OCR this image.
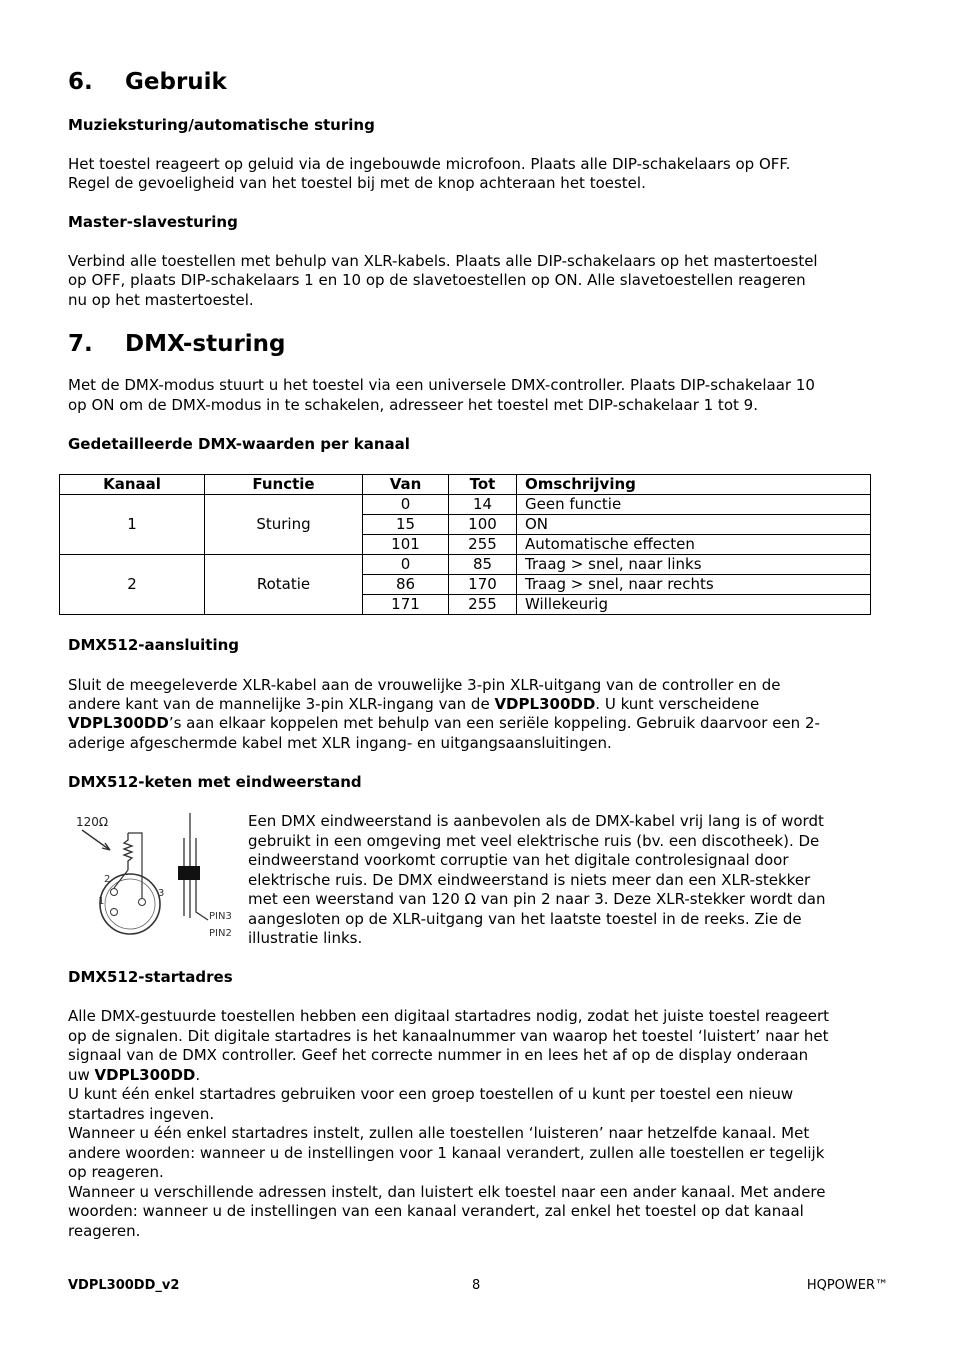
6. Gebruik
Muzieksturing/automatische sturing

Het toestel reageert op geluid via de ingebouwde microfoon. Plaats alle DIP-schakelaars op OFF.

Regel de gevoeligheid van het toestel bij met de knop achteraan het toestel.

Master-slavesturing

Verbind alle toestellen met behulp van XLR-kabels. Plaats alle DIP-schakelaars op het mastertoestel

op OFF, plaats DIP-schakelaars 1 en 10 op de slavetoestellen op ON. Alle slavetoestellen reageren

nu op het mastertoestel.

7. DMX-sturing

Met de DMX-modus stuurt u het toestel via een universele DMX-controller. Plaats DIP-schakelaar 10

op ON om de DMX-modus in te schakelen, adresseer het toestel met DIP-schakelaar 1 tot 9.

Gedetailleerde DMX-waarden per kanaal
Kanaal	Functie	Van	Tot	Omschrijving
1	Sturing	0	14	Geen functie
		15	100	ON
		101	255	Automatische effecten
2	Rotatie	0	85	Traag > snel, naar links
		86	170	Traag > snel, naar rechts
		171	255	Willekeurig
DMX512-aansluiting

Sluit de meegeleverde XLR-kabel aan de vrouwelijke 3-pin XLR-uitgang van de controller en de

andere kant van de mannelijke 3-pin XLR-ingang van de VDPL300DD. U kunt verscheidene

VDPL300DD’s aan elkaar koppelen met behulp van een seriële koppeling. Gebruik daarvoor een 2-

aderige afgeschermde kabel met XLR ingang- en uitgangsaansluitingen.

DMX512-keten met eindweerstand
120Ω
2
1
3
PIN3
PIN2
Een DMX eindweerstand is aanbevolen als de DMX-kabel vrij lang is of wordt
gebruikt in een omgeving met veel elektrische ruis (bv. een discotheek). De
eindweerstand voorkomt corruptie van het digitale controlesignaal door
elektrische ruis. De DMX eindweerstand is niets meer dan een XLR-stekker
met een weerstand van 120 Ω van pin 2 naar 3. Deze XLR-stekker wordt dan
aangesloten op de XLR-uitgang van het laatste toestel in de reeks. Zie de
illustratie links.
DMX512-startadres
Alle DMX-gestuurde toestellen hebben een digitaal startadres nodig, zodat het juiste toestel reageert
op de signalen. Dit digitale startadres is het kanaalnummer van waarop het toestel ‘luistert’ naar het
signaal van de DMX controller. Geef het correcte nummer in en lees het af op de display onderaan
uw VDPL300DD.
U kunt één enkel startadres gebruiken voor een groep toestellen of u kunt per toestel een nieuw
startadres ingeven.
Wanneer u één enkel startadres instelt, zullen alle toestellen ‘luisteren’ naar hetzelfde kanaal. Met
andere woorden: wanneer u de instellingen voor 1 kanaal verandert, zullen alle toestellen er tegelijk
op reageren.
Wanneer u verschillende adressen instelt, dan luistert elk toestel naar een ander kanaal. Met andere
woorden: wanneer u de instellingen van een kanaal verandert, zal enkel het toestel op dat kanaal
reageren.
VDPL300DD_v2	8	HQPOWER™
